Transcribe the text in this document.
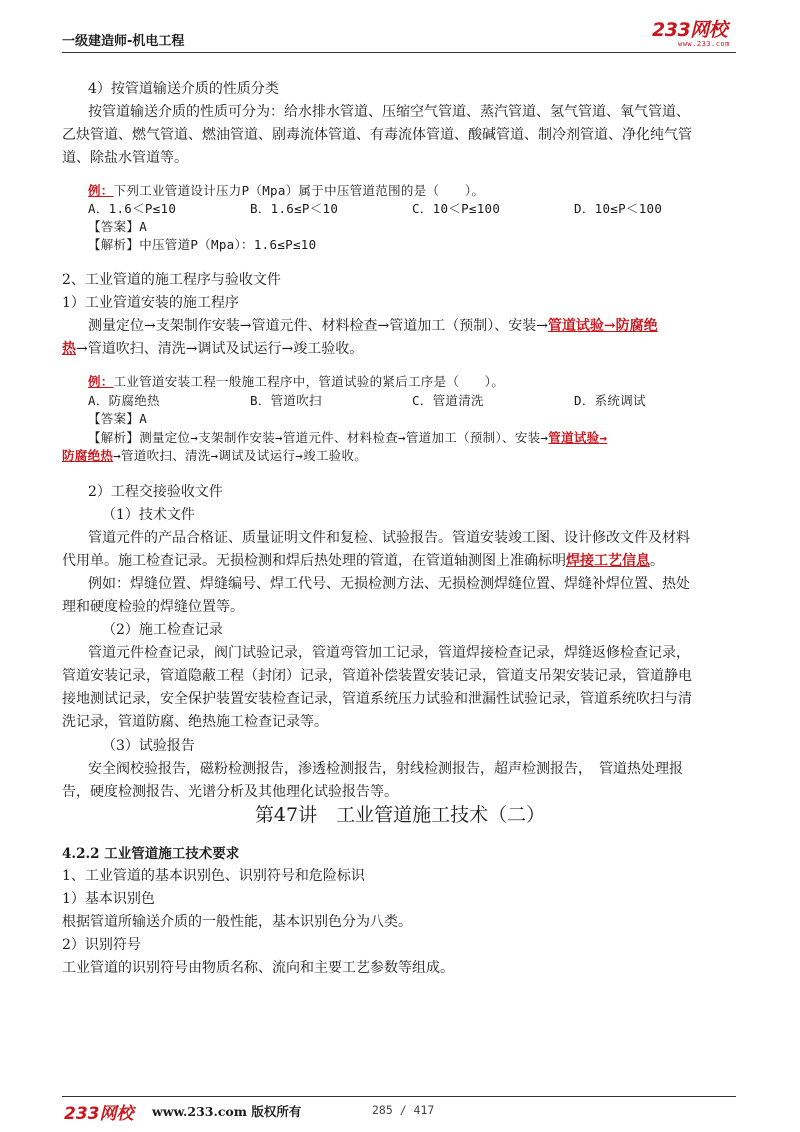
一级建造师-机电工程
233网校
www.233.com
4）按管道输送介质的性质分类
按管道输送介质的性质可分为：给水排水管道、压缩空气管道、蒸汽管道、氢气管道、氧气管道、
乙炔管道、燃气管道、燃油管道、剧毒流体管道、有毒流体管道、酸碱管道、制冷剂管道、净化纯气管
道、除盐水管道等。
例：下列工业管道设计压力P（Mpa）属于中压管道范围的是（　　）。
A．1.6＜P≤10	B．1.6≤P＜10	C．10＜P≤100	D．10≤P＜100
【答案】A
【解析】中压管道P（Mpa）：1.6≤P≤10
2、工业管道的施工程序与验收文件
1）工业管道安装的施工程序
测量定位→支架制作安装→管道元件、材料检查→管道加工（预制）、安装→管道试验→防腐绝
热→管道吹扫、清洗→调试及试运行→竣工验收。
例：工业管道安装工程一般施工程序中，管道试验的紧后工序是（　　）。
A．防腐绝热	B．管道吹扫	C．管道清洗	D．系统调试
【答案】A
【解析】测量定位→支架制作安装→管道元件、材料检查→管道加工（预制）、安装→管道试验→
防腐绝热→管道吹扫、清洗→调试及试运行→竣工验收。
2）工程交接验收文件
（1）技术文件
管道元件的产品合格证、质量证明文件和复检、试验报告。管道安装竣工图、设计修改文件及材料
代用单。施工检查记录。无损检测和焊后热处理的管道，在管道轴测图上准确标明焊接工艺信息。
例如：焊缝位置、焊缝编号、焊工代号、无损检测方法、无损检测焊缝位置、焊缝补焊位置、热处
理和硬度检验的焊缝位置等。
（2）施工检查记录
管道元件检查记录，阀门试验记录，管道弯管加工记录，管道焊接检查记录，焊缝返修检查记录，
管道安装记录，管道隐蔽工程（封闭）记录，管道补偿装置安装记录，管道支吊架安装记录，管道静电
接地测试记录，安全保护装置安装检查记录，管道系统压力试验和泄漏性试验记录，管道系统吹扫与清
洗记录，管道防腐、绝热施工检查记录等。
（3）试验报告
安全阀校验报告，磁粉检测报告，渗透检测报告，射线检测报告，超声检测报告，　管道热处理报
告，硬度检测报告、光谱分析及其他理化试验报告等。
第47讲　工业管道施工技术（二）
4.2.2 工业管道施工技术要求
1、工业管道的基本识别色、识别符号和危险标识
1）基本识别色
根据管道所输送介质的一般性能，基本识别色分为八类。
2）识别符号
工业管道的识别符号由物质名称、流向和主要工艺参数等组成。
233网校 www.233.com 版权所有	285 / 417
